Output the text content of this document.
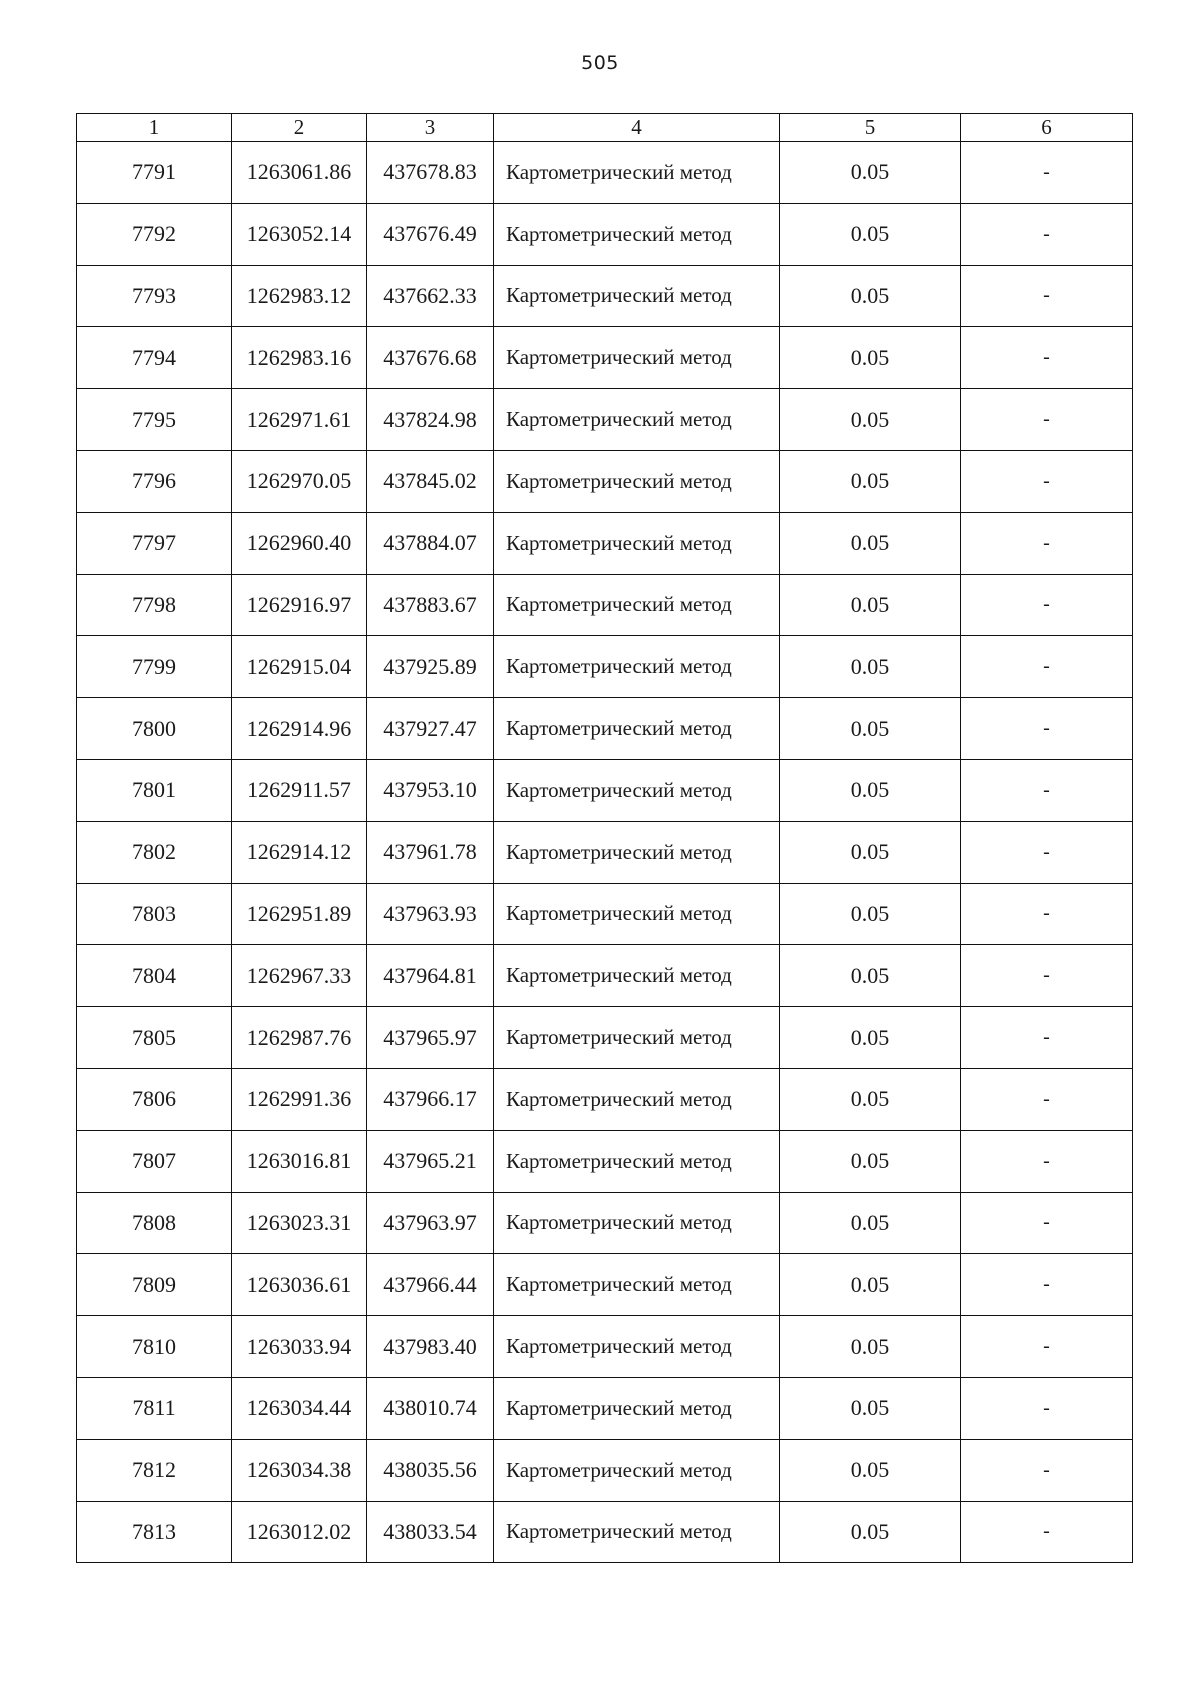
505
1	2	3	4	5	6
7791	1263061.86	437678.83	Картометрический метод	0.05	-
7792	1263052.14	437676.49	Картометрический метод	0.05	-
7793	1262983.12	437662.33	Картометрический метод	0.05	-
7794	1262983.16	437676.68	Картометрический метод	0.05	-
7795	1262971.61	437824.98	Картометрический метод	0.05	-
7796	1262970.05	437845.02	Картометрический метод	0.05	-
7797	1262960.40	437884.07	Картометрический метод	0.05	-
7798	1262916.97	437883.67	Картометрический метод	0.05	-
7799	1262915.04	437925.89	Картометрический метод	0.05	-
7800	1262914.96	437927.47	Картометрический метод	0.05	-
7801	1262911.57	437953.10	Картометрический метод	0.05	-
7802	1262914.12	437961.78	Картометрический метод	0.05	-
7803	1262951.89	437963.93	Картометрический метод	0.05	-
7804	1262967.33	437964.81	Картометрический метод	0.05	-
7805	1262987.76	437965.97	Картометрический метод	0.05	-
7806	1262991.36	437966.17	Картометрический метод	0.05	-
7807	1263016.81	437965.21	Картометрический метод	0.05	-
7808	1263023.31	437963.97	Картометрический метод	0.05	-
7809	1263036.61	437966.44	Картометрический метод	0.05	-
7810	1263033.94	437983.40	Картометрический метод	0.05	-
7811	1263034.44	438010.74	Картометрический метод	0.05	-
7812	1263034.38	438035.56	Картометрический метод	0.05	-
7813	1263012.02	438033.54	Картометрический метод	0.05	-
